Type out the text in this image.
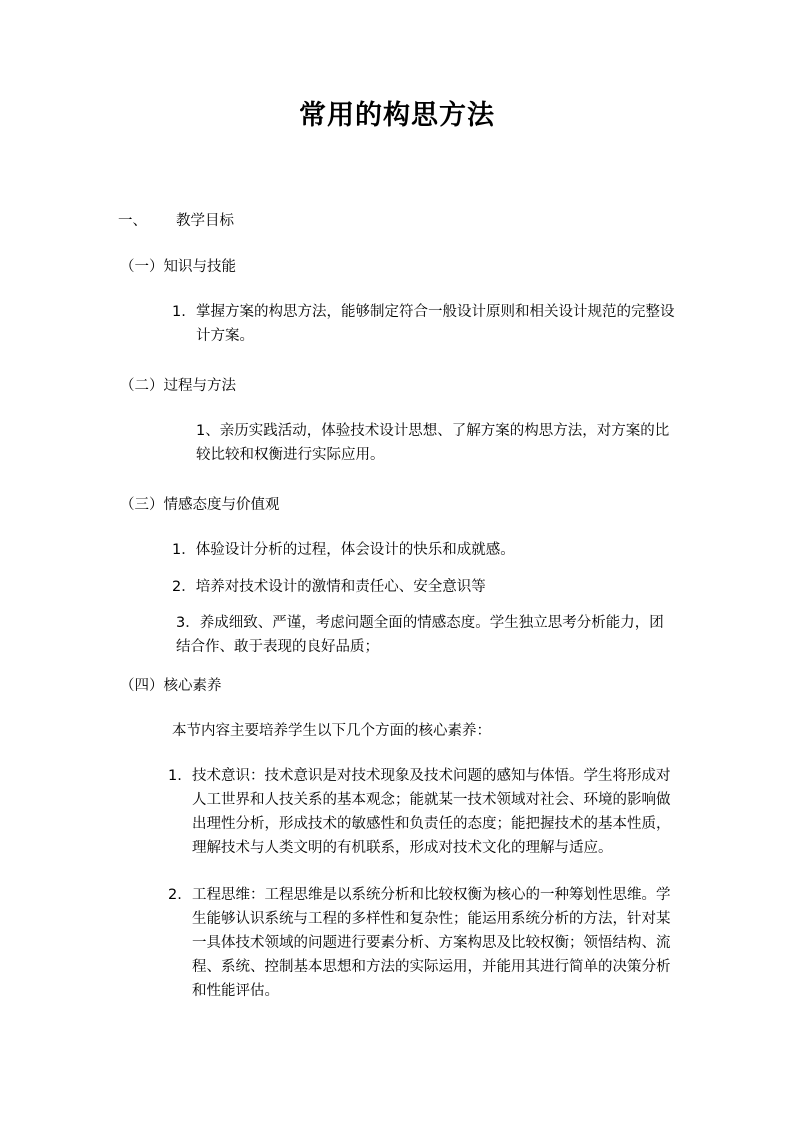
常用的构思方法
一、 教学目标
（一）知识与技能
1. 掌握方案的构思方法，能够制定符合一般设计原则和相关设计规范的完整设计方案。
（二）过程与方法
1、亲历实践活动，体验技术设计思想、了解方案的构思方法，对方案的比较比较和权衡进行实际应用。
（三）情感态度与价值观
1．体验设计分析的过程，体会设计的快乐和成就感。
2．培养对技术设计的激情和责任心、安全意识等
3．养成细致、严谨，考虑问题全面的情感态度。学生独立思考分析能力，团结合作、敢于表现的良好品质；
（四）核心素养
本节内容主要培养学生以下几个方面的核心素养：
1. 技术意识：技术意识是对技术现象及技术问题的感知与体悟。学生将形成对人工世界和人技关系的基本观念；能就某一技术领域对社会、环境的影响做出理性分析，形成技术的敏感性和负责任的态度；能把握技术的基本性质，理解技术与人类文明的有机联系，形成对技术文化的理解与适应。
2. 工程思维：工程思维是以系统分析和比较权衡为核心的一种筹划性思维。学生能够认识系统与工程的多样性和复杂性；能运用系统分析的方法，针对某一具体技术领域的问题进行要素分析、方案构思及比较权衡；领悟结构、流程、系统、控制基本思想和方法的实际运用，并能用其进行简单的决策分析和性能评估。
